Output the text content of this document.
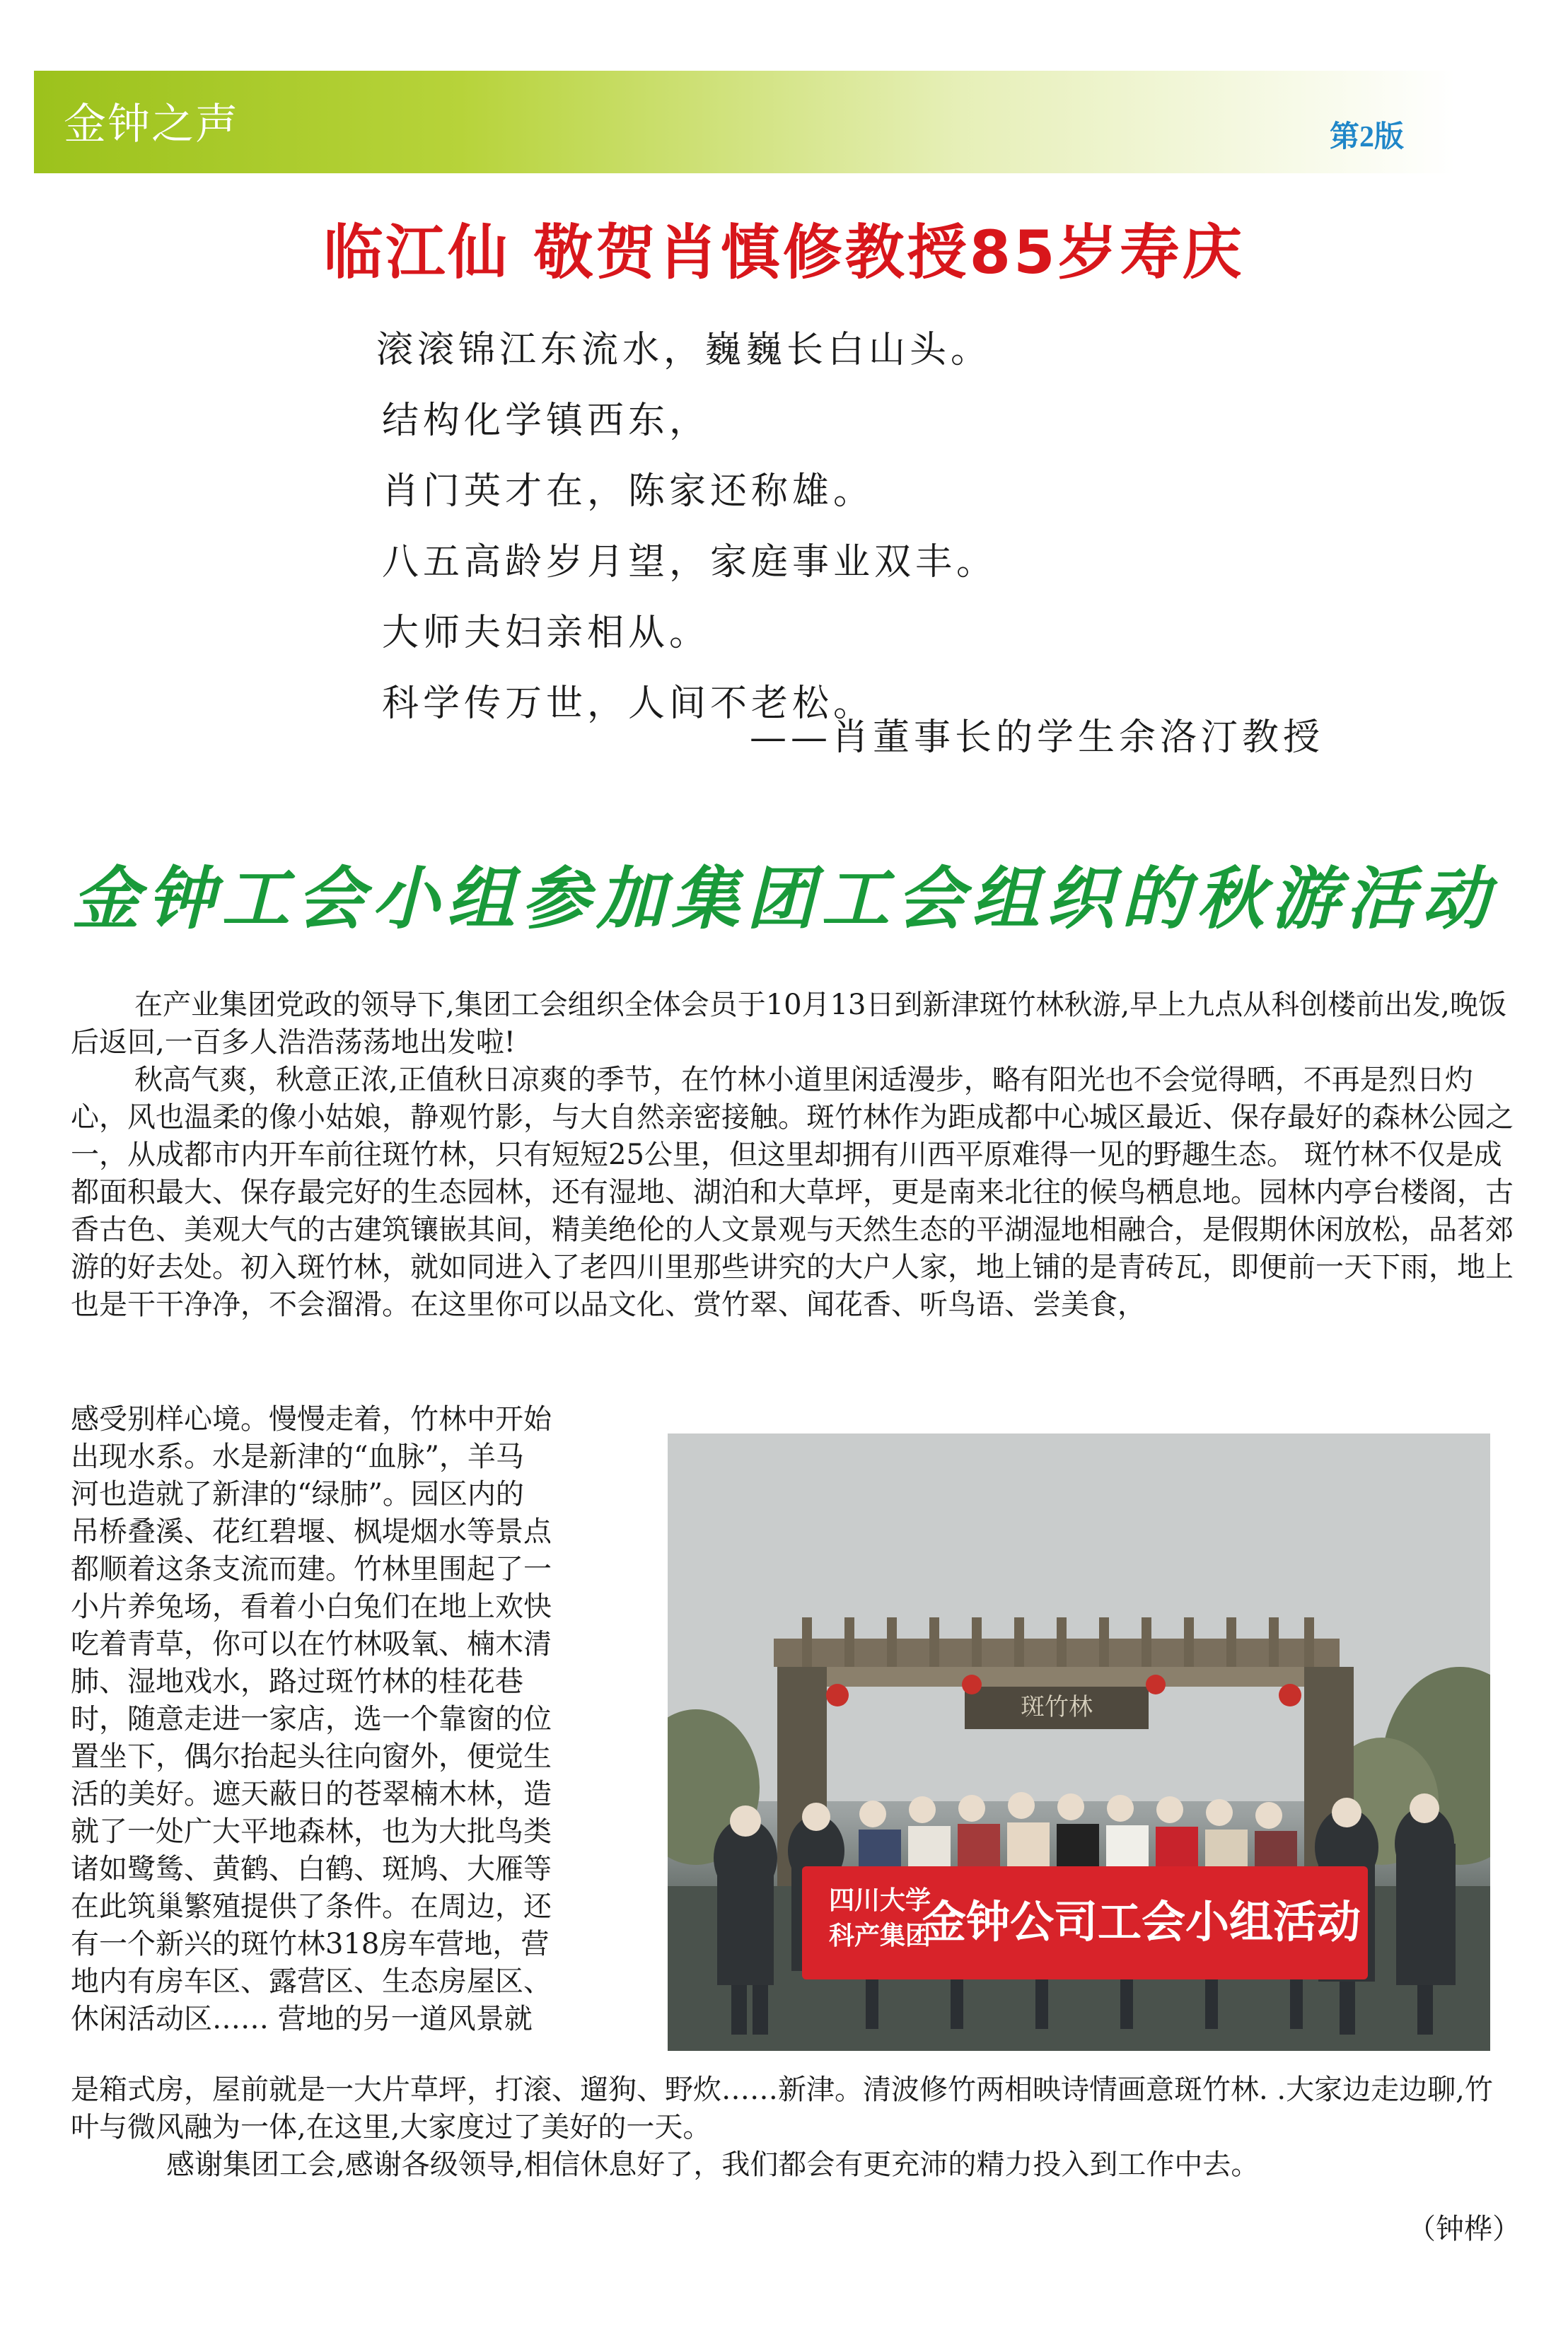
金钟之声	第2版
临江仙 敬贺肖慎修教授85岁寿庆
滚滚锦江东流水，巍巍长白山头。
结构化学镇西东，
肖门英才在，陈家还称雄。
八五高龄岁月望，家庭事业双丰。
大师夫妇亲相从。
科学传万世，人间不老松。
——肖董事长的学生余洛汀教授
金钟工会小组参加集团工会组织的秋游活动
在产业集团党政的领导下,集团工会组织全体会员于10月13日到新津斑竹林秋游,早上九点从科创楼前出发,晚饭后返回,一百多人浩浩荡荡地出发啦!
秋高气爽，秋意正浓,正值秋日凉爽的季节，在竹林小道里闲适漫步，略有阳光也不会觉得晒，不再是烈日灼心，风也温柔的像小姑娘，静观竹影，与大自然亲密接触。斑竹林作为距成都中心城区最近、保存最好的森林公园之一，从成都市内开车前往斑竹林，只有短短25公里，但这里却拥有川西平原难得一见的野趣生态。 斑竹林不仅是成都面积最大、保存最完好的生态园林，还有湿地、湖泊和大草坪，更是南来北往的候鸟栖息地。园林内亭台楼阁，古香古色、美观大气的古建筑镶嵌其间，精美绝伦的人文景观与天然生态的平湖湿地相融合，是假期休闲放松，品茗郊游的好去处。初入斑竹林，就如同进入了老四川里那些讲究的大户人家，地上铺的是青砖瓦，即便前一天下雨，地上也是干干净净，不会溜滑。在这里你可以品文化、赏竹翠、闻花香、听鸟语、尝美食，
感受别样心境。慢慢走着，竹林中开始
出现水系。水是新津的“血脉”，羊马
河也造就了新津的“绿肺”。园区内的
吊桥叠溪、花红碧堰、枫堤烟水等景点
都顺着这条支流而建。竹林里围起了一
小片养兔场，看着小白兔们在地上欢快
吃着青草，你可以在竹林吸氧、楠木清
肺、湿地戏水，路过斑竹林的桂花巷
时，随意走进一家店，选一个靠窗的位
置坐下，偶尔抬起头往向窗外，便觉生
活的美好。遮天蔽日的苍翠楠木林，造
就了一处广大平地森林，也为大批鸟类
诸如鹭鸶、黄鹤、白鹤、斑鸠、大雁等
在此筑巢繁殖提供了条件。在周边，还
有一个新兴的斑竹林318房车营地，营
地内有房车区、露营区、生态房屋区、
休闲活动区…… 营地的另一道风景就
斑竹林
四川大学
科产集团
金钟公司工会小组活动
是箱式房，屋前就是一大片草坪，打滚、遛狗、野炊……新津。清波修竹两相映诗情画意斑竹林. .大家边走边聊,竹叶与微风融为一体,在这里,大家度过了美好的一天。
感谢集团工会,感谢各级领导,相信休息好了，我们都会有更充沛的精力投入到工作中去。
（钟桦）
